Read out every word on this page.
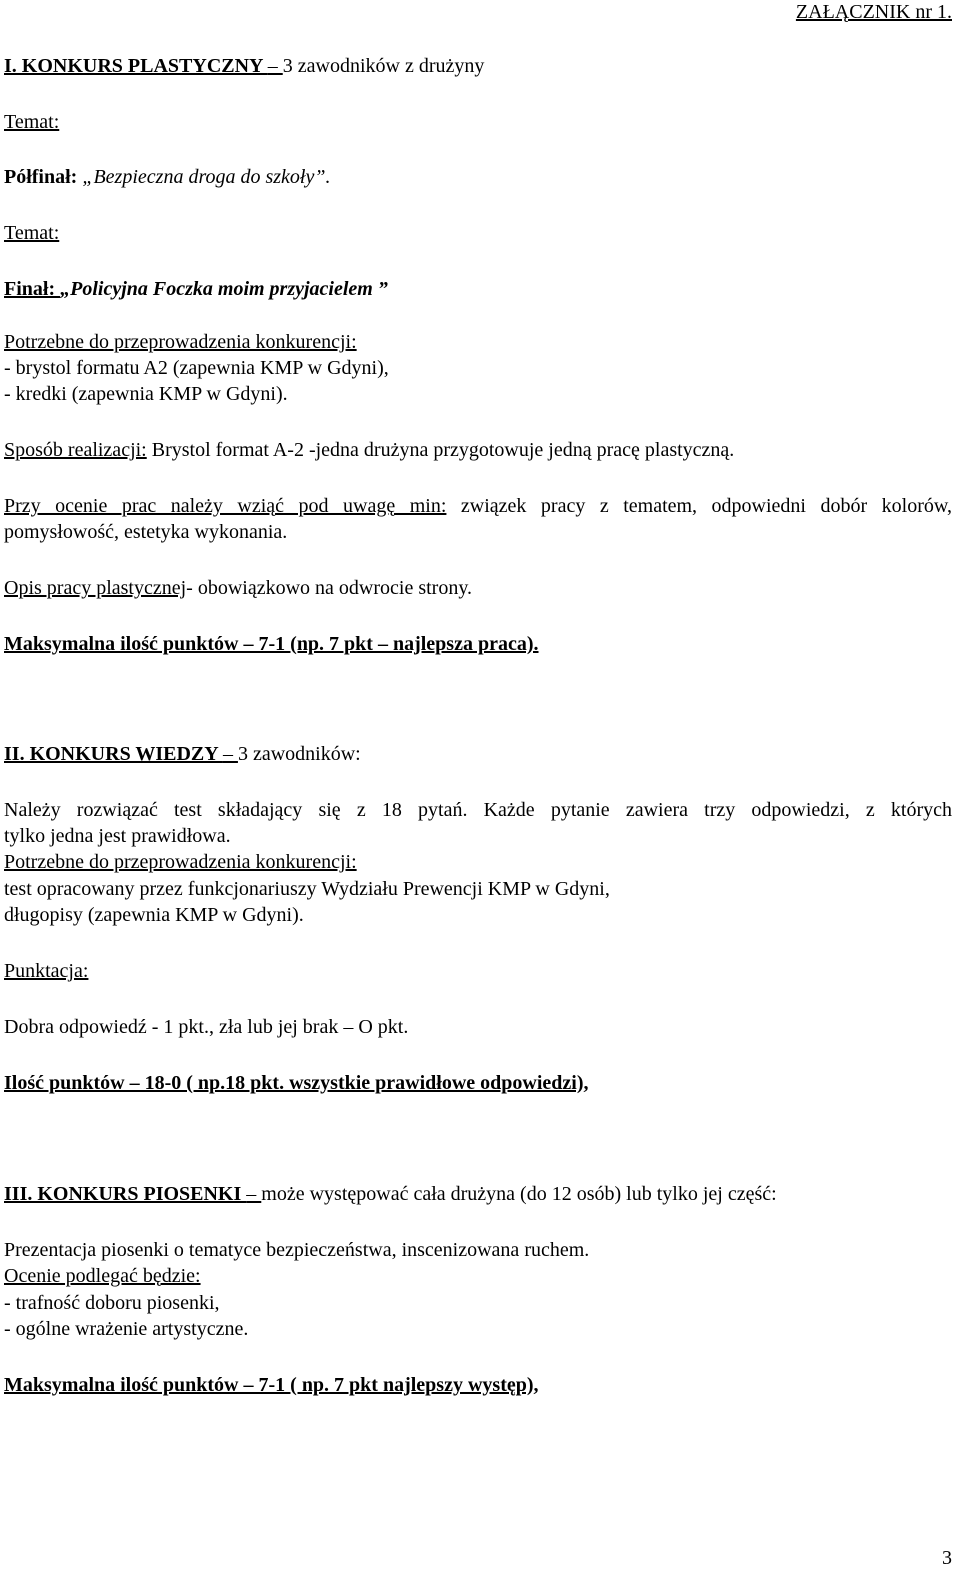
ZAŁĄCZNIK nr 1.
I. KONKURS PLASTYCZNY – 3 zawodników z drużyny
Temat:
Półfinał: „Bezpieczna droga do szkoły”.
Temat:
Finał: „Policyjna Foczka moim przyjacielem ”
Potrzebne do przeprowadzenia konkurencji:
- brystol formatu A2 (zapewnia KMP w Gdyni),
- kredki (zapewnia KMP w Gdyni).
Sposób realizacji: Brystol format A-2 -jedna drużyna przygotowuje jedną pracę plastyczną.
Przy ocenie prac należy wziąć pod uwagę min: związek pracy z tematem, odpowiedni dobór kolorów,
pomysłowość, estetyka wykonania.
Opis pracy plastycznej- obowiązkowo na odwrocie strony.
Maksymalna ilość punktów – 7-1 (np. 7 pkt – najlepsza praca).
II. KONKURS WIEDZY – 3 zawodników:
Należy rozwiązać test składający się z 18 pytań. Każde pytanie zawiera trzy odpowiedzi, z których
tylko jedna jest prawidłowa.
Potrzebne do przeprowadzenia konkurencji:
test opracowany przez funkcjonariuszy Wydziału Prewencji KMP w Gdyni,
długopisy (zapewnia KMP w Gdyni).
Punktacja:
Dobra odpowiedź - 1 pkt., zła lub jej brak – O pkt.
Ilość punktów – 18-0 ( np.18 pkt. wszystkie prawidłowe odpowiedzi),
III. KONKURS PIOSENKI – może występować cała drużyna (do 12 osób) lub tylko jej część:
Prezentacja piosenki o tematyce bezpieczeństwa, inscenizowana ruchem.
Ocenie podlegać będzie:
- trafność doboru piosenki,
- ogólne wrażenie artystyczne.
Maksymalna ilość punktów – 7-1 ( np. 7 pkt najlepszy występ),
3
